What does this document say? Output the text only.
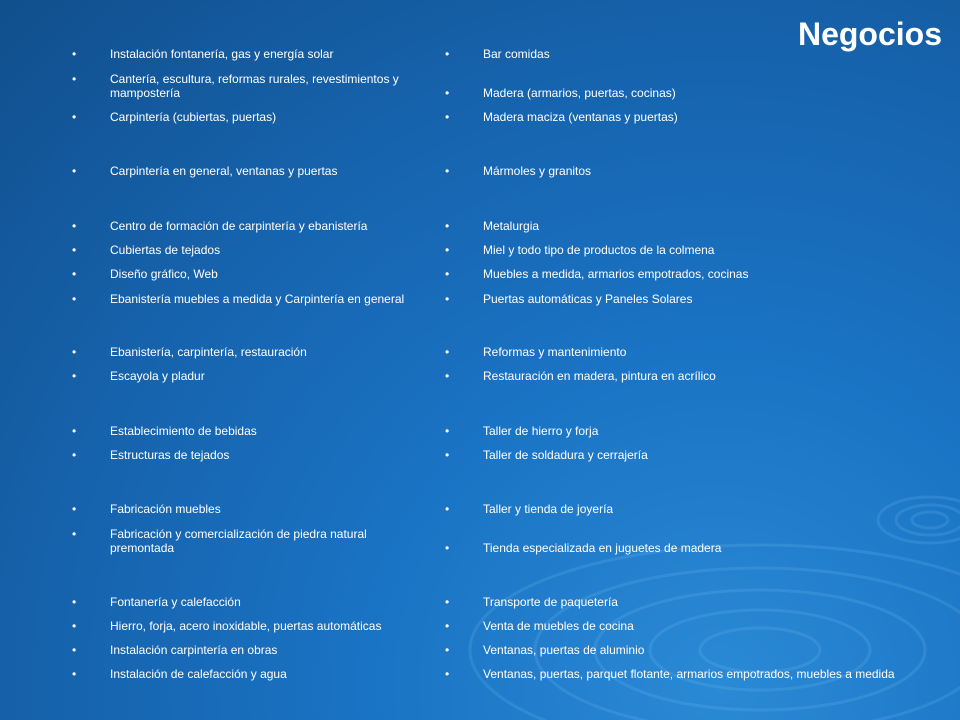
Negocios
•	Instalación fontanería, gas y energía solar
•	Cantería, escultura, reformas rurales, revestimientos y mampostería
•	Carpintería (cubiertas, puertas)
•	Carpintería en general, ventanas y puertas
•	Centro de formación de carpintería y ebanistería
•	Cubiertas de tejados
•	Diseño gráfico, Web
•	Ebanistería muebles a medida y Carpintería en general
•	Ebanistería, carpintería, restauración
•	Escayola y pladur
•	Establecimiento de bebidas
•	Estructuras de tejados
•	Fabricación muebles
•	Fabricación y comercialización de piedra natural premontada
•	Fontanería y calefacción
•	Hierro, forja, acero inoxidable, puertas automáticas
•	Instalación carpintería en obras
•	Instalación de calefacción y agua
•	Bar comidas
•	Madera (armarios, puertas, cocinas)
•	Madera maciza (ventanas y puertas)
•	Mármoles y granitos
•	Metalurgia
•	Miel y todo tipo de productos de la colmena
•	Muebles a medida, armarios empotrados, cocinas
•	Puertas automáticas y Paneles Solares
•	Reformas y mantenimiento
•	Restauración en madera, pintura en acrílico
•	Taller de hierro y forja
•	Taller de soldadura y cerrajería
•	Taller y tienda de joyería
•	Tienda especializada en juguetes de madera
•	Transporte de paquetería
•	Venta de muebles de cocina
•	Ventanas, puertas de aluminio
•	Ventanas, puertas, parquet flotante, armarios empotrados, muebles a medida
